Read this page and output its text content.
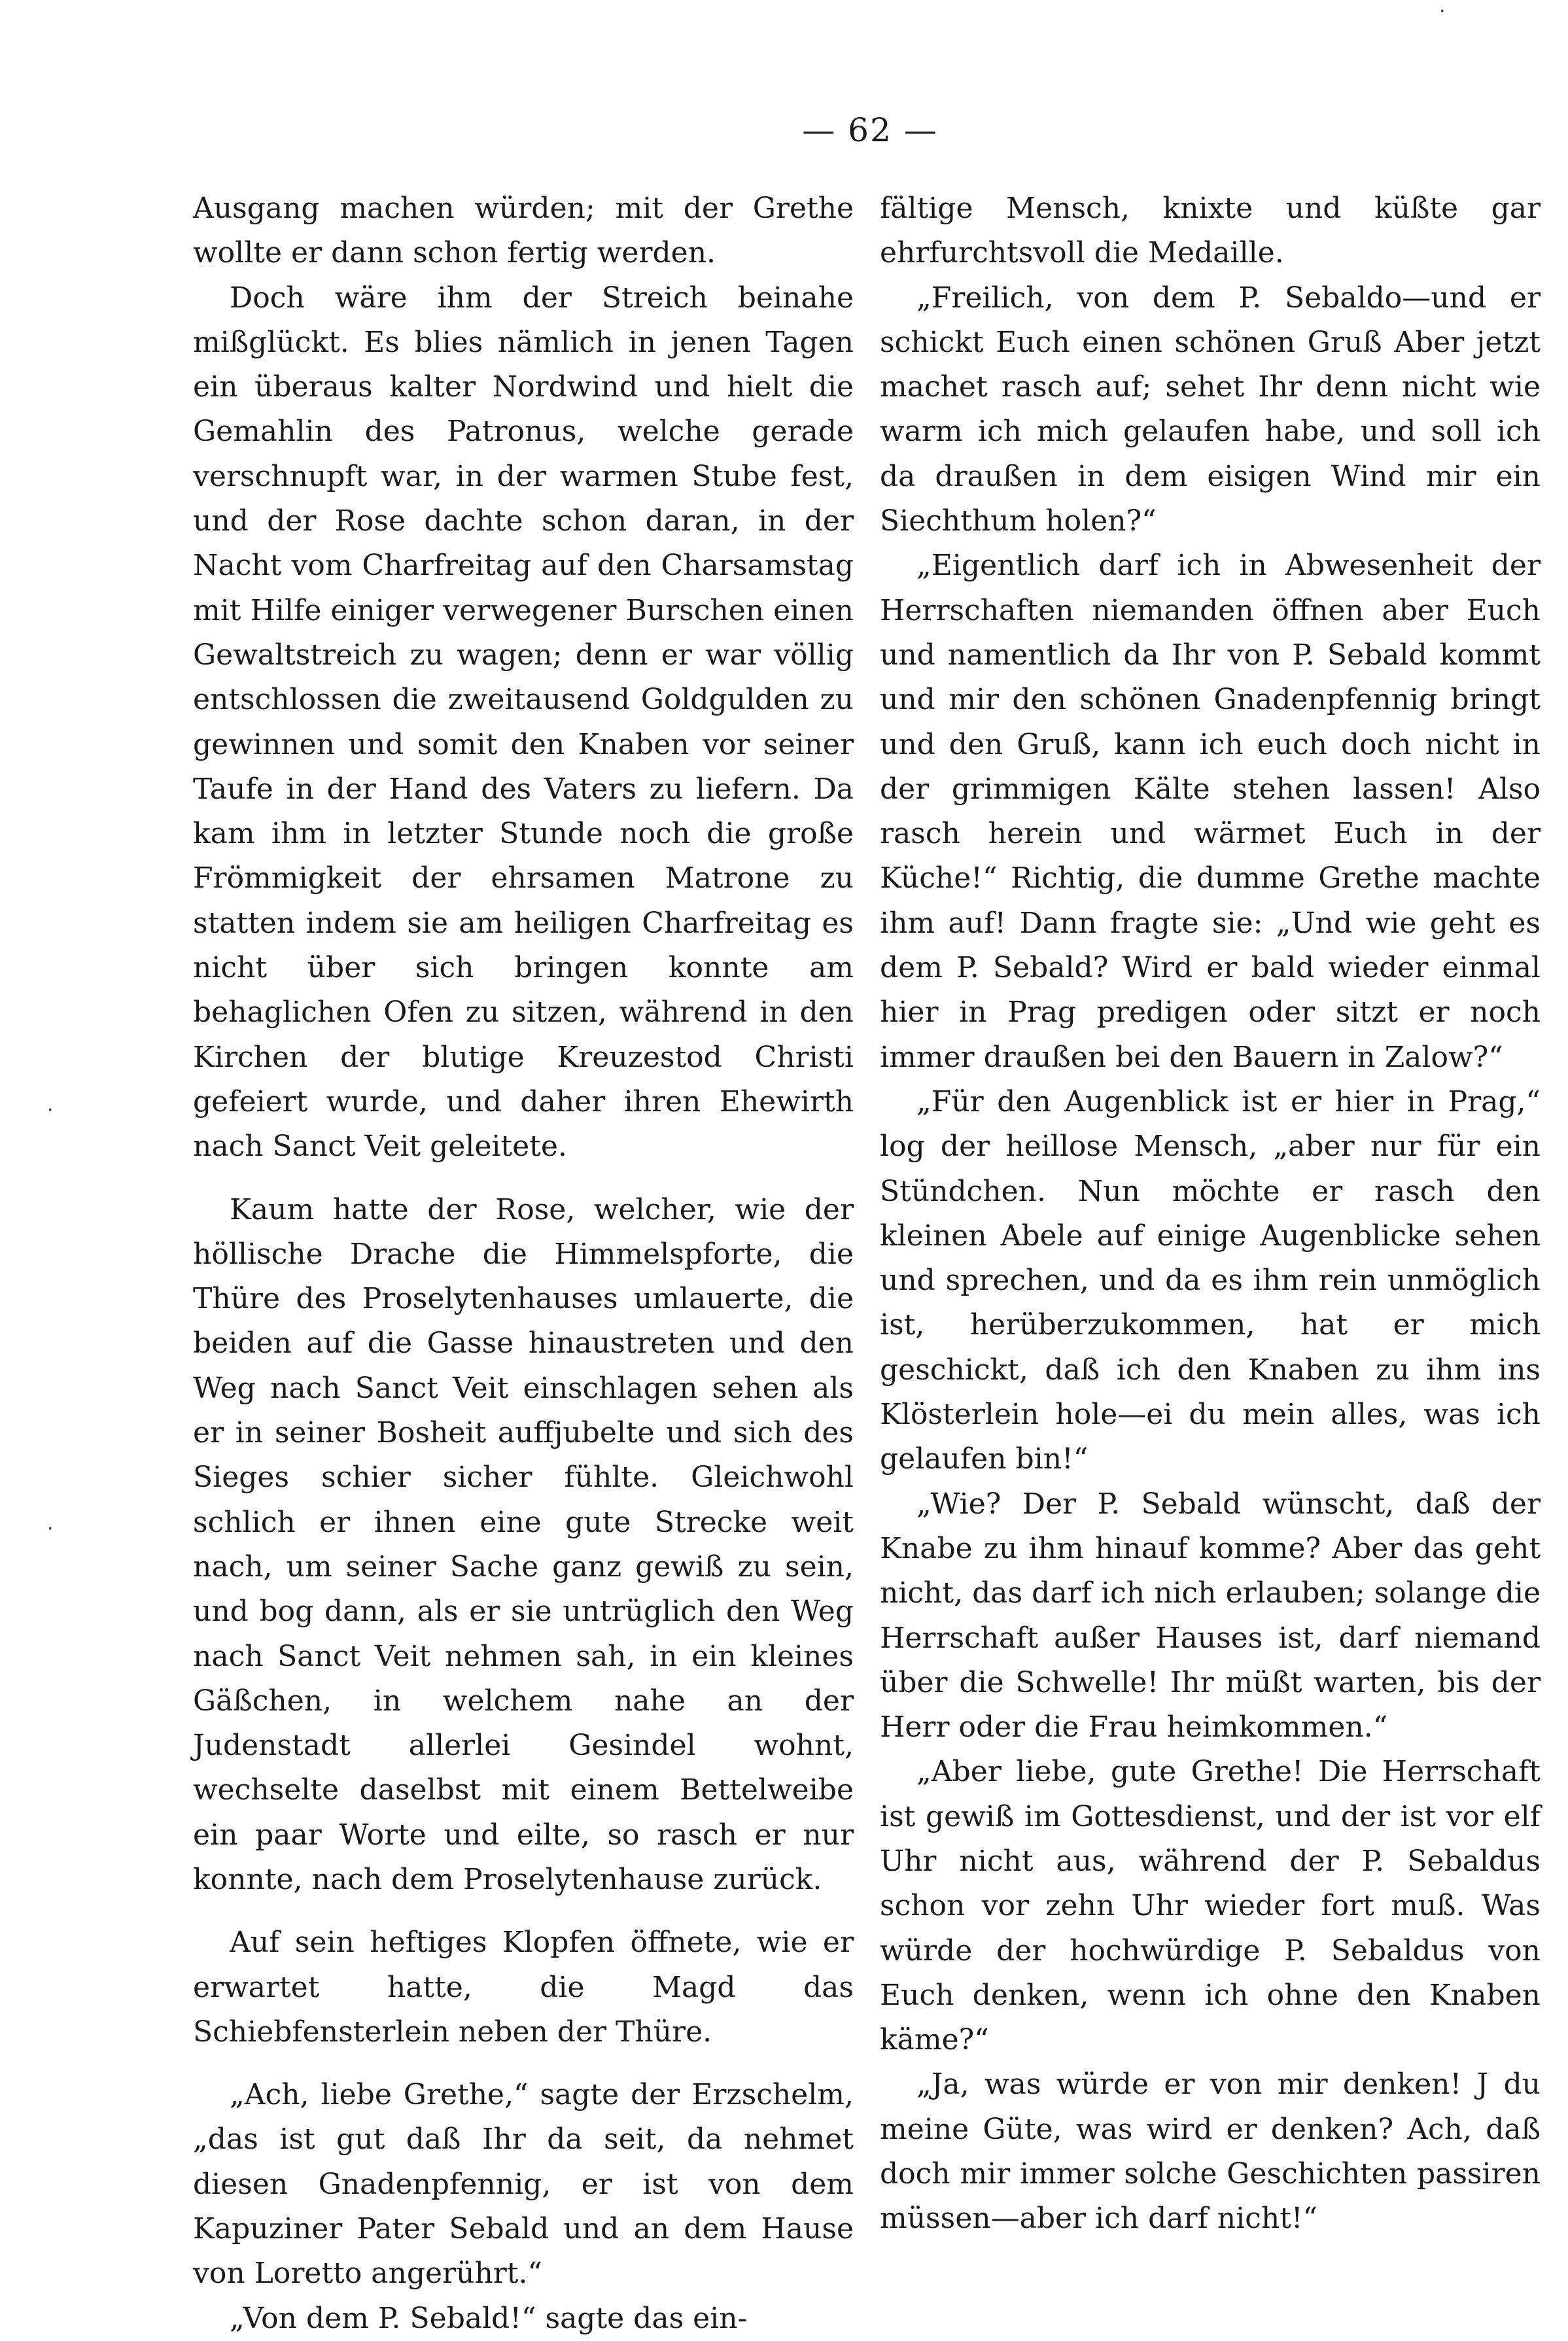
— 62 —

Ausgang machen würden; mit der Grethe wollte er dann schon fertig werden.

Doch wäre ihm der Streich beinahe mißglückt. Es blies nämlich in jenen Tagen ein überaus kalter Nordwind und hielt die Gemahlin des Patronus, welche gerade verschnupft war, in der warmen Stube fest, und der Rose dachte schon daran, in der Nacht vom Charfreitag auf den Charsamstag mit Hilfe einiger verwegener Burschen einen Gewaltstreich zu wagen; denn er war völlig entschlossen die zweitausend Goldgulden zu gewinnen und somit den Knaben vor seiner Taufe in der Hand des Vaters zu liefern. Da kam ihm in letzter Stunde noch die große Frömmigkeit der ehrsamen Matrone zu statten indem sie am heiligen Charfreitag es nicht über sich bringen konnte am behaglichen Ofen zu sitzen, während in den Kirchen der blutige Kreuzestod Christi gefeiert wurde, und daher ihren Ehewirth nach Sanct Veit geleitete.

Kaum hatte der Rose, welcher, wie der höllische Drache die Himmelspforte, die Thüre des Proselytenhauses umlauerte, die beiden auf die Gasse hinaustreten und den Weg nach Sanct Veit einschlagen sehen als er in seiner Bosheit auffjubelte und sich des Sieges schier sicher fühlte. Gleichwohl schlich er ihnen eine gute Strecke weit nach, um seiner Sache ganz gewiß zu sein, und bog dann, als er sie untrüglich den Weg nach Sanct Veit nehmen sah, in ein kleines Gäßchen, in welchem nahe an der Judenstadt allerlei Gesindel wohnt, wechselte daselbst mit einem Bettelweibe ein paar Worte und eilte, so rasch er nur konnte, nach dem Proselytenhause zurück.

Auf sein heftiges Klopfen öffnete, wie er erwartet hatte, die Magd das Schiebfensterlein neben der Thüre.

„Ach, liebe Grethe,“ sagte der Erzschelm, „das ist gut daß Ihr da seit, da nehmet diesen Gnadenpfennig, er ist von dem Kapuziner Pater Sebald und an dem Hause von Loretto angerührt.“

„Von dem P. Sebald!“ sagte das ein-

fältige Mensch, knixte und küßte gar ehrfurchtsvoll die Medaille.

„Freilich, von dem P. Sebaldo—und er schickt Euch einen schönen Gruß Aber jetzt machet rasch auf; sehet Ihr denn nicht wie warm ich mich gelaufen habe, und soll ich da draußen in dem eisigen Wind mir ein Siechthum holen?“

„Eigentlich darf ich in Abwesenheit der Herrschaften niemanden öffnen aber Euch und namentlich da Ihr von P. Sebald kommt und mir den schönen Gnadenpfennig bringt und den Gruß, kann ich euch doch nicht in der grimmigen Kälte stehen lassen! Also rasch herein und wärmet Euch in der Küche!“ Richtig, die dumme Grethe machte ihm auf! Dann fragte sie: „Und wie geht es dem P. Sebald? Wird er bald wieder einmal hier in Prag predigen oder sitzt er noch immer draußen bei den Bauern in Zalow?“

„Für den Augenblick ist er hier in Prag,“ log der heillose Mensch, „aber nur für ein Stündchen. Nun möchte er rasch den kleinen Abele auf einige Augenblicke sehen und sprechen, und da es ihm rein unmöglich ist, herüberzukommen, hat er mich geschickt, daß ich den Knaben zu ihm ins Klösterlein hole—ei du mein alles, was ich gelaufen bin!“

„Wie? Der P. Sebald wünscht, daß der Knabe zu ihm hinauf komme? Aber das geht nicht, das darf ich nich erlauben; solange die Herrschaft außer Hauses ist, darf niemand über die Schwelle! Ihr müßt warten, bis der Herr oder die Frau heimkommen.“

„Aber liebe, gute Grethe! Die Herrschaft ist gewiß im Gottesdienst, und der ist vor elf Uhr nicht aus, während der P. Sebaldus schon vor zehn Uhr wieder fort muß. Was würde der hochwürdige P. Sebaldus von Euch denken, wenn ich ohne den Knaben käme?“

„Ja, was würde er von mir denken! J du meine Güte, was wird er denken? Ach, daß doch mir immer solche Geschichten passiren müssen—aber ich darf nicht!“

·
·
·
